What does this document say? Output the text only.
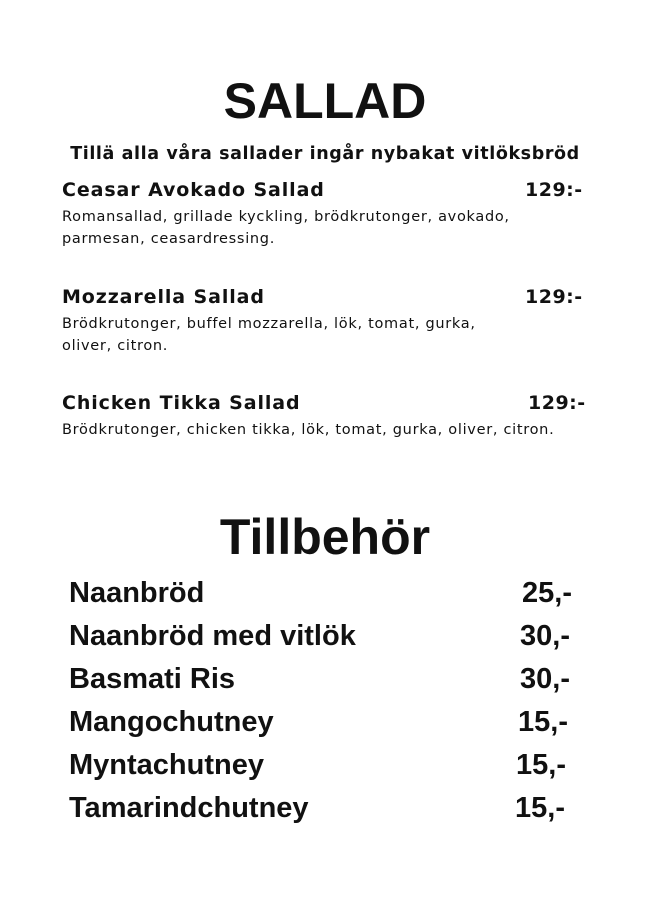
SALLAD
Tillä alla våra sallader ingår nybakat vitlöksbröd
Ceasar Avokado Sallad	129:-
Romansallad, grillade kyckling, brödkrutonger, avokado,
parmesan, ceasardressing.
Mozzarella Sallad	129:-
Brödkrutonger, buffel mozzarella, lök, tomat, gurka,
oliver, citron.
Chicken Tikka Sallad	129:-
Brödkrutonger, chicken tikka, lök, tomat, gurka, oliver, citron.
Tillbehör
Naanbröd	25,-
Naanbröd med vitlök	30,-
Basmati Ris	30,-
Mangochutney	15,-
Myntachutney	15,-
Tamarindchutney	15,-
